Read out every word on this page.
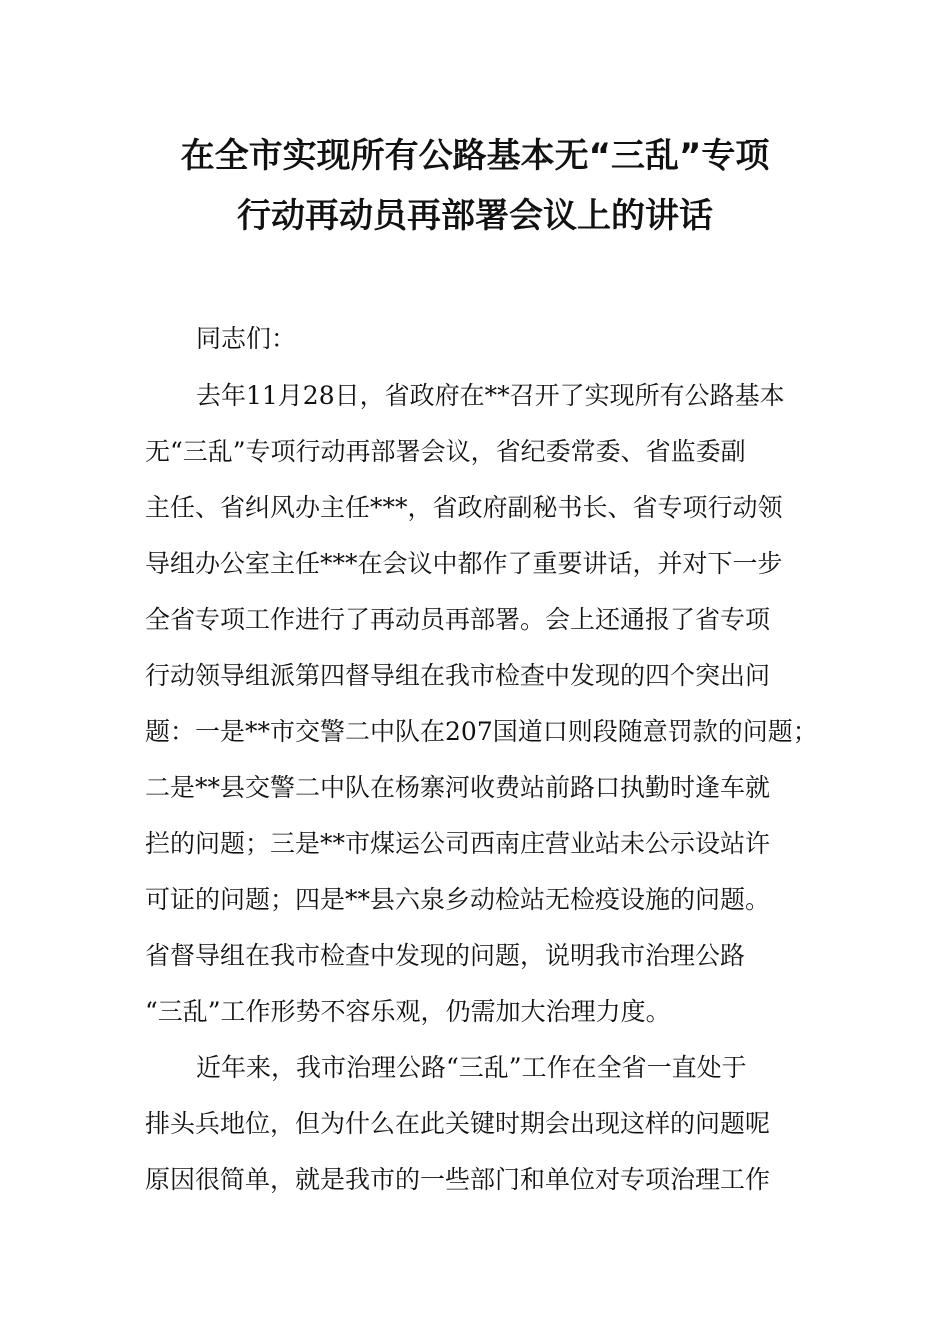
在全市实现所有公路基本无“三乱”专项
行动再动员再部署会议上的讲话
同志们：
去年11月28日，省政府在**召开了实现所有公路基本
无“三乱”专项行动再部署会议，省纪委常委、省监委副
主任、省纠风办主任***，省政府副秘书长、省专项行动领
导组办公室主任***在会议中都作了重要讲话，并对下一步
全省专项工作进行了再动员再部署。会上还通报了省专项
行动领导组派第四督导组在我市检查中发现的四个突出问
题：一是**市交警二中队在207国道口则段随意罚款的问题；
二是**县交警二中队在杨寨河收费站前路口执勤时逢车就
拦的问题；三是**市煤运公司西南庄营业站未公示设站许
可证的问题；四是**县六泉乡动检站无检疫设施的问题。
省督导组在我市检查中发现的问题，说明我市治理公路
“三乱”工作形势不容乐观，仍需加大治理力度。
近年来，我市治理公路“三乱”工作在全省一直处于
排头兵地位，但为什么在此关键时期会出现这样的问题呢
原因很简单，就是我市的一些部门和单位对专项治理工作
